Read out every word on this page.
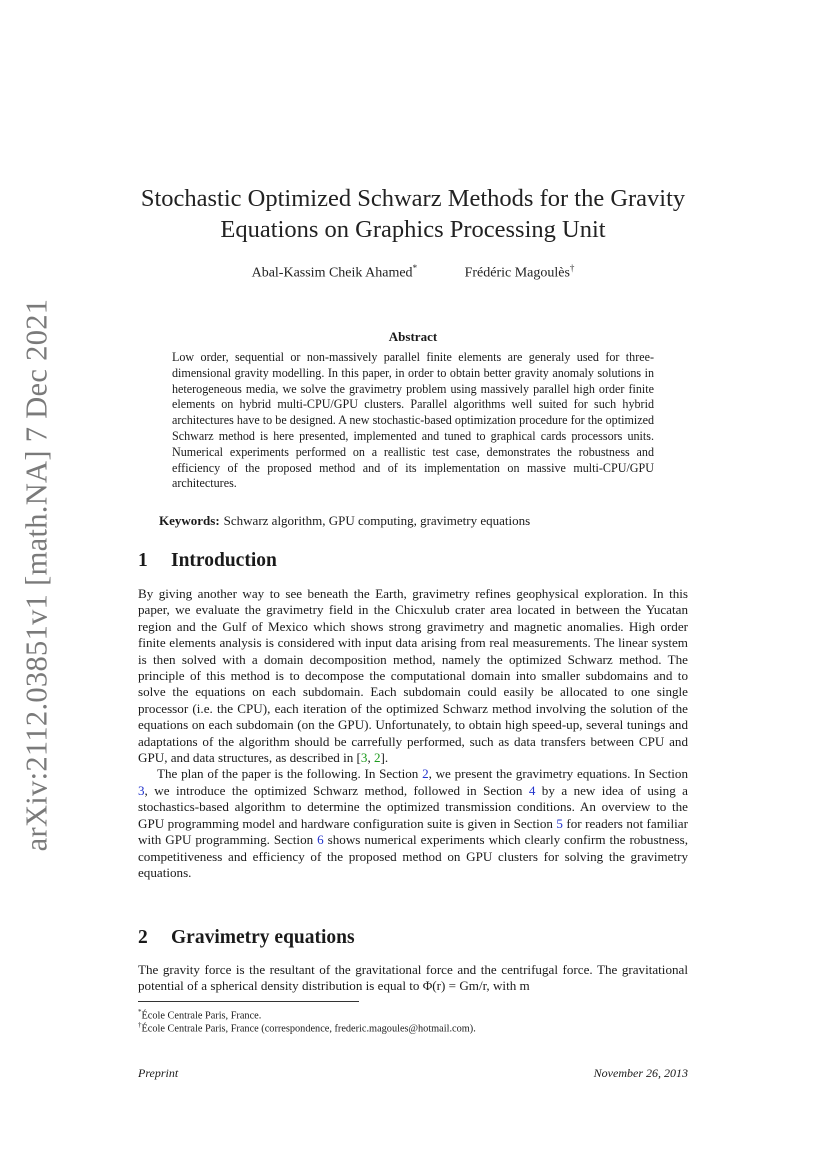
arXiv:2112.03851v1 [math.NA] 7 Dec 2021
Stochastic Optimized Schwarz Methods for the Gravity
Equations on Graphics Processing Unit
Abal-Kassim Cheik Ahamed*	Frédéric Magoulès†
Abstract
Low order, sequential or non-massively parallel finite elements are generaly used for three-dimensional gravity modelling. In this paper, in order to obtain better gravity anomaly solutions in heterogeneous media, we solve the gravimetry problem using massively parallel high order finite elements on hybrid multi-CPU/GPU clusters. Parallel algorithms well suited for such hybrid architectures have to be designed. A new stochastic-based optimization procedure for the optimized Schwarz method is here presented, implemented and tuned to graphical cards processors units. Numerical experiments performed on a reallistic test case, demonstrates the robustness and efficiency of the proposed method and of its implementation on massive multi-CPU/GPU architectures.
Keywords: Schwarz algorithm, GPU computing, gravimetry equations
1 Introduction

By giving another way to see beneath the Earth, gravimetry refines geophysical exploration. In this paper, we evaluate the gravimetry field in the Chicxulub crater area located in between the Yucatan region and the Gulf of Mexico which shows strong gravimetry and magnetic anomalies. High order finite elements analysis is considered with input data arising from real measurements. The linear system is then solved with a domain decomposition method, namely the optimized Schwarz method. The principle of this method is to decompose the computational domain into smaller subdomains and to solve the equations on each subdomain. Each subdomain could easily be allocated to one single processor (i.e. the CPU), each iteration of the optimized Schwarz method involving the solution of the equations on each subdomain (on the GPU). Unfortunately, to obtain high speed-up, several tunings and adaptations of the algorithm should be carrefully performed, such as data transfers between CPU and GPU, and data structures, as described in [3, 2].

The plan of the paper is the following. In Section 2, we present the gravimetry equations. In Section 3, we introduce the optimized Schwarz method, followed in Section 4 by a new idea of using a stochastics-based algorithm to determine the optimized transmission conditions. An overview to the GPU programming model and hardware configuration suite is given in Section 5 for readers not familiar with GPU programming. Section 6 shows numerical experiments which clearly confirm the robustness, competitiveness and efficiency of the proposed method on GPU clusters for solving the gravimetry equations.

2 Gravimetry equations

The gravity force is the resultant of the gravitational force and the centrifugal force. The gravitational potential of a spherical density distribution is equal to Φ(r) = Gm/r, with m

*École Centrale Paris, France.
†École Centrale Paris, France (correspondence, frederic.magoules@hotmail.com).
Preprint	November 26, 2013
